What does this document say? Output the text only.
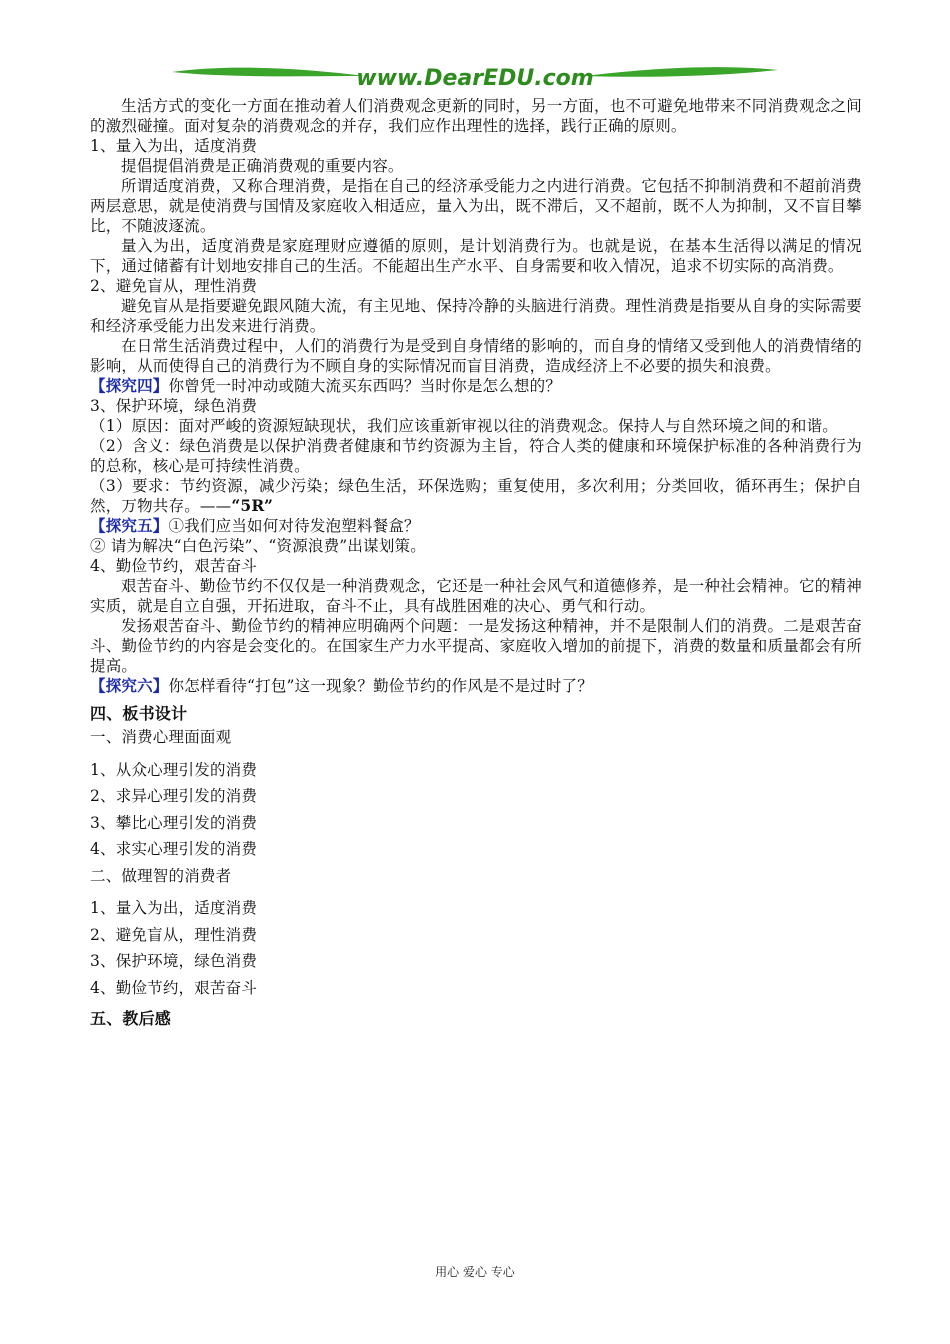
www.DearEDU.com

生活方式的变化一方面在推动着人们消费观念更新的同时，另一方面，也不可避免地带来不同消费观念之间的激烈碰撞。面对复杂的消费观念的并存，我们应作出理性的选择，践行正确的原则。

1、量入为出，适度消费

提倡提倡消费是正确消费观的重要内容。

所谓适度消费，又称合理消费，是指在自己的经济承受能力之内进行消费。它包括不抑制消费和不超前消费两层意思，就是使消费与国情及家庭收入相适应，量入为出，既不滞后，又不超前，既不人为抑制，又不盲目攀比，不随波逐流。

量入为出，适度消费是家庭理财应遵循的原则，是计划消费行为。也就是说，在基本生活得以满足的情况下，通过储蓄有计划地安排自己的生活。不能超出生产水平、自身需要和收入情况，追求不切实际的高消费。

2、避免盲从，理性消费

避免盲从是指要避免跟风随大流，有主见地、保持冷静的头脑进行消费。理性消费是指要从自身的实际需要和经济承受能力出发来进行消费。

在日常生活消费过程中，人们的消费行为是受到自身情绪的影响的，而自身的情绪又受到他人的消费情绪的影响，从而使得自己的消费行为不顾自身的实际情况而盲目消费，造成经济上不必要的损失和浪费。

【探究四】你曾凭一时冲动或随大流买东西吗？当时你是怎么想的？

3、保护环境，绿色消费

（1）原因：面对严峻的资源短缺现状，我们应该重新审视以往的消费观念。保持人与自然环境之间的和谐。

（2）含义：绿色消费是以保护消费者健康和节约资源为主旨，符合人类的健康和环境保护标准的各种消费行为的总称，核心是可持续性消费。

（3）要求：节约资源，减少污染；绿色生活，环保选购；重复使用，多次利用；分类回收，循环再生；保护自然，万物共存。——“5R”

【探究五】①我们应当如何对待发泡塑料餐盒？

② 请为解决“白色污染”、“资源浪费”出谋划策。

4、勤俭节约，艰苦奋斗

艰苦奋斗、勤俭节约不仅仅是一种消费观念，它还是一种社会风气和道德修养，是一种社会精神。它的精神实质，就是自立自强，开拓进取，奋斗不止，具有战胜困难的决心、勇气和行动。

发扬艰苦奋斗、勤俭节约的精神应明确两个问题：一是发扬这种精神，并不是限制人们的消费。二是艰苦奋斗、勤俭节约的内容是会变化的。在国家生产力水平提高、家庭收入增加的前提下，消费的数量和质量都会有所提高。

【探究六】你怎样看待“打包”这一现象？勤俭节约的作风是不是过时了？

四、板书设计

一、消费心理面面观

1、从众心理引发的消费

2、求异心理引发的消费

3、攀比心理引发的消费

4、求实心理引发的消费

二、做理智的消费者

1、量入为出，适度消费

2、避免盲从，理性消费

3、保护环境，绿色消费

4、勤俭节约，艰苦奋斗

五、教后感

用心 爱心 专心
